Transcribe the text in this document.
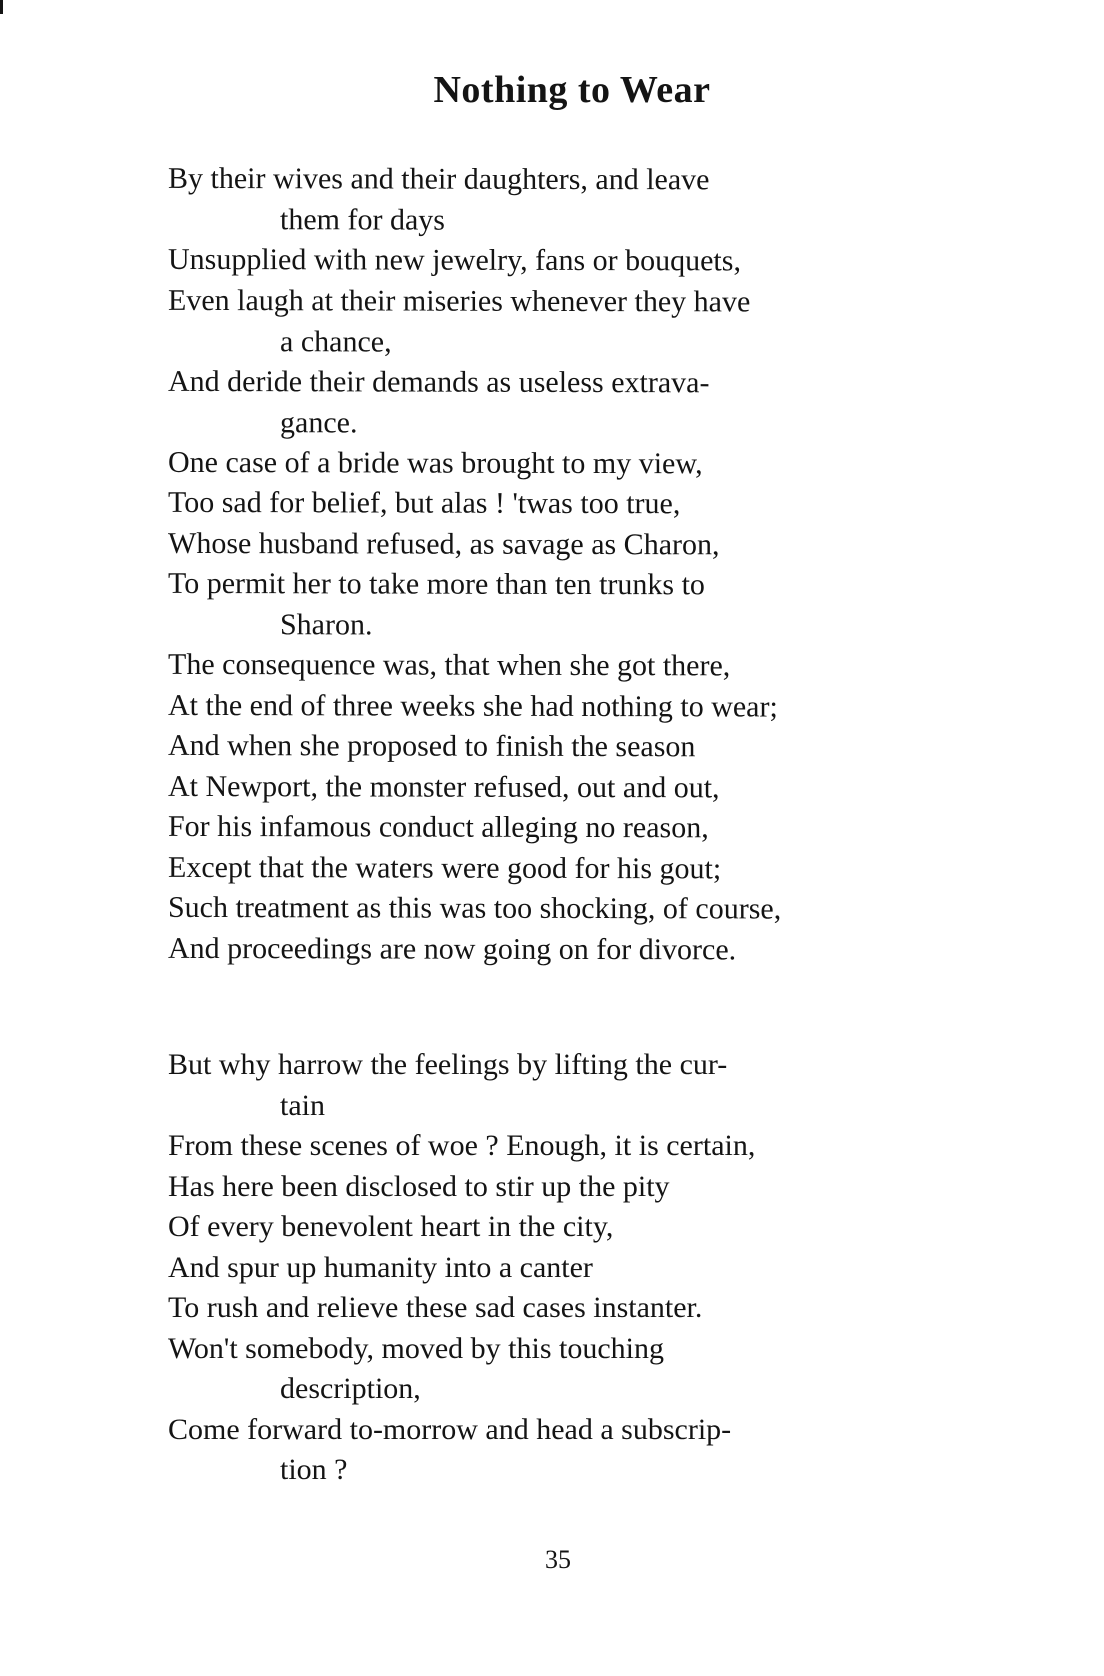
Nothing to Wear
By their wives and their daughters, and leave
them for days
Unsupplied with new jewelry, fans or bouquets,
Even laugh at their miseries whenever they have
a chance,
And deride their demands as useless extrava-
gance.
One case of a bride was brought to my view,
Too sad for belief, but alas ! 'twas too true,
Whose husband refused, as savage as Charon,
To permit her to take more than ten trunks to
Sharon.
The consequence was, that when she got there,
At the end of three weeks she had nothing to wear;
And when she proposed to finish the season
At Newport, the monster refused, out and out,
For his infamous conduct alleging no reason,
Except that the waters were good for his gout;
Such treatment as this was too shocking, of course,
And proceedings are now going on for divorce.
But why harrow the feelings by lifting the cur-
tain
From these scenes of woe ? Enough, it is certain,
Has here been disclosed to stir up the pity
Of every benevolent heart in the city,
And spur up humanity into a canter
To rush and relieve these sad cases instanter.
Won't somebody, moved by this touching
description,
Come forward to-morrow and head a subscrip-
tion ?
35
